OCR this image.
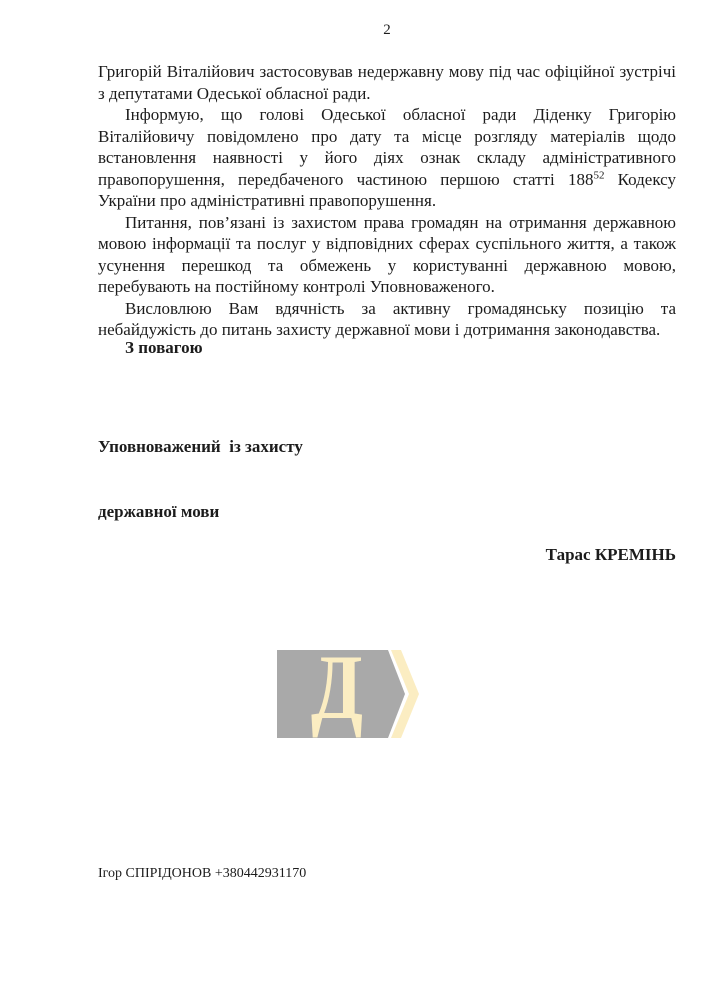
2

Григорій Віталійович застосовував недержавну мову під час офіційної зустрічі з депутатами Одеської обласної ради.

Інформую, що голові Одеської обласної ради Діденку Григорію Віталійовичу повідомлено про дату та місце розгляду матеріалів щодо встановлення наявності у його діях ознак складу адміністративного правопорушення, передбаченого частиною першою статті $188^{52}$ Кодексу України про адміністративні правопорушення.

Питання, пов’язані із захистом права громадян на отримання державною мовою інформації та послуг у відповідних сферах суспільного життя, а також усунення перешкод та обмежень у користуванні державною мовою, перебувають на постійному контролі Уповноваженого.

Висловлюю Вам вдячність за активну громадянську позицію та небайдужість до питань захисту державної мови і дотримання законодавства.

З повагою

Уповноважений  із захисту

державної мови

Тарас КРЕМІНЬ
Д
Ігор СПІРІДОНОВ +380442931170
